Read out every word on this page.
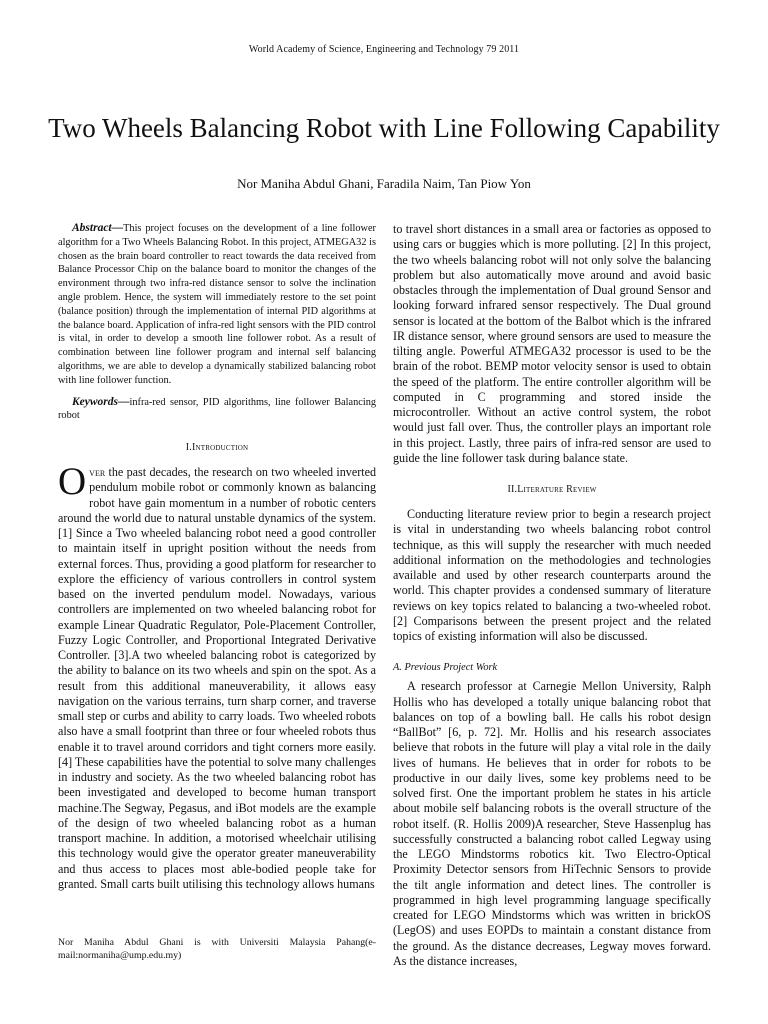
World Academy of Science, Engineering and Technology 79 2011
Two Wheels Balancing Robot with Line Following Capability
Nor Maniha Abdul Ghani, Faradila Naim, Tan Piow Yon

Abstract—This project focuses on the development of a line follower algorithm for a Two Wheels Balancing Robot. In this project, ATMEGA32 is chosen as the brain board controller to react towards the data received from Balance Processor Chip on the balance board to monitor the changes of the environment through two infra-red distance sensor to solve the inclination angle problem. Hence, the system will immediately restore to the set point (balance position) through the implementation of internal PID algorithms at the balance board. Application of infra-red light sensors with the PID control is vital, in order to develop a smooth line follower robot. As a result of combination between line follower program and internal self balancing algorithms, we are able to develop a dynamically stabilized balancing robot with line follower function.

Keywords—infra-red sensor, PID algorithms, line follower Balancing robot

I.Introduction

Over the past decades, the research on two wheeled inverted pendulum mobile robot or commonly known as balancing robot have gain momentum in a number of robotic centers around the world due to natural unstable dynamics of the system. [1] Since a Two wheeled balancing robot need a good controller to maintain itself in upright position without the needs from external forces. Thus, providing a good platform for researcher to explore the efficiency of various controllers in control system based on the inverted pendulum model. Nowadays, various controllers are implemented on two wheeled balancing robot for example Linear Quadratic Regulator, Pole-Placement Controller, Fuzzy Logic Controller, and Proportional Integrated Derivative Controller. [3].A two wheeled balancing robot is categorized by the ability to balance on its two wheels and spin on the spot. As a result from this additional maneuverability, it allows easy navigation on the various terrains, turn sharp corner, and traverse small step or curbs and ability to carry loads. Two wheeled robots also have a small footprint than three or four wheeled robots thus enable it to travel around corridors and tight corners more easily. [4] These capabilities have the potential to solve many challenges in industry and society. As the two wheeled balancing robot has been investigated and developed to become human transport machine.The Segway, Pegasus, and iBot models are the example of the design of two wheeled balancing robot as a human transport machine. In addition, a motorised wheelchair utilising this technology would give the operator greater maneuverability and thus access to places most able-bodied people take for granted. Small carts built utilising this technology allows humans

to travel short distances in a small area or factories as opposed to using cars or buggies which is more polluting. [2] In this project, the two wheels balancing robot will not only solve the balancing problem but also automatically move around and avoid basic obstacles through the implementation of Dual ground Sensor and looking forward infrared sensor respectively. The Dual ground sensor is located at the bottom of the Balbot which is the infrared IR distance sensor, where ground sensors are used to measure the tilting angle. Powerful ATMEGA32 processor is used to be the brain of the robot. BEMP motor velocity sensor is used to obtain the speed of the platform. The entire controller algorithm will be computed in C programming and stored inside the microcontroller. Without an active control system, the robot would just fall over. Thus, the controller plays an important role in this project. Lastly, three pairs of infra-red sensor are used to guide the line follower task during balance state.

II.Literature Review

Conducting literature review prior to begin a research project is vital in understanding two wheels balancing robot control technique, as this will supply the researcher with much needed additional information on the methodologies and technologies available and used by other research counterparts around the world. This chapter provides a condensed summary of literature reviews on key topics related to balancing a two-wheeled robot. [2] Comparisons between the present project and the related topics of existing information will also be discussed.

A. Previous Project Work

A research professor at Carnegie Mellon University, Ralph Hollis who has developed a totally unique balancing robot that balances on top of a bowling ball. He calls his robot design “BallBot” [6, p. 72]. Mr. Hollis and his research associates believe that robots in the future will play a vital role in the daily lives of humans. He believes that in order for robots to be productive in our daily lives, some key problems need to be solved first. One the important problem he states in his article about mobile self balancing robots is the overall structure of the robot itself. (R. Hollis 2009)A researcher, Steve Hassenplug has successfully constructed a balancing robot called Legway using the LEGO Mindstorms robotics kit. Two Electro-Optical Proximity Detector sensors from HiTechnic Sensors to provide the tilt angle information and detect lines. The controller is programmed in high level programming language specifically created for LEGO Mindstorms which was written in brickOS (LegOS) and uses EOPDs to maintain a constant distance from the ground. As the distance decreases, Legway moves forward. As the distance increases,

Nor Maniha Abdul Ghani is with Universiti Malaysia Pahang(e-mail:normaniha@ump.edu.my)
